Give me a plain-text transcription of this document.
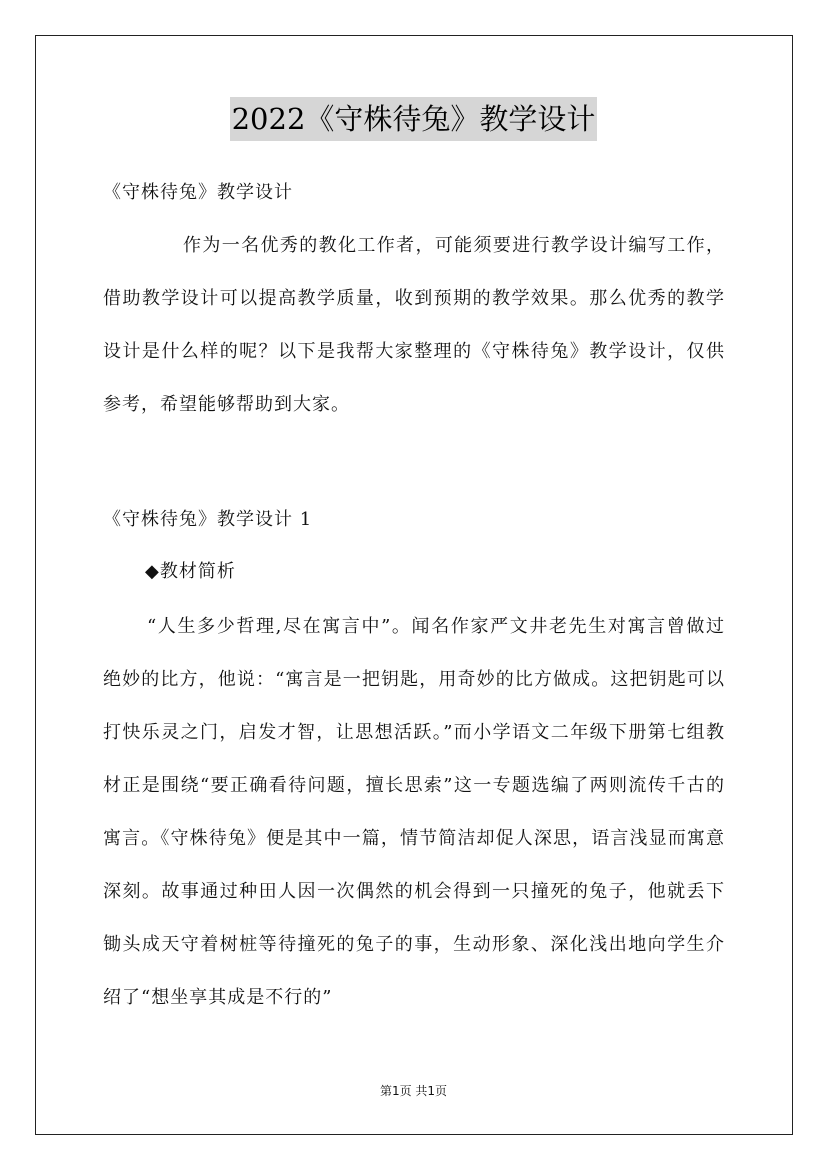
2022《守株待兔》教学设计
《守株待兔》教学设计
作为一名优秀的教化工作者，可能须要进行教学设计编写工作，借助教学设计可以提高教学质量，收到预期的教学效果。那么优秀的教学设计是什么样的呢？以下是我帮大家整理的《守株待兔》教学设计，仅供参考，希望能够帮助到大家。
《守株待兔》教学设计 1
◆教材简析
“人生多少哲理,尽在寓言中”。闻名作家严文井老先生对寓言曾做过绝妙的比方，他说：“寓言是一把钥匙，用奇妙的比方做成。这把钥匙可以打快乐灵之门，启发才智，让思想活跃。”而小学语文二年级下册第七组教材正是围绕“要正确看待问题，擅长思索”这一专题选编了两则流传千古的寓言。《守株待兔》便是其中一篇，情节简洁却促人深思，语言浅显而寓意深刻。故事通过种田人因一次偶然的机会得到一只撞死的兔子，他就丢下锄头成天守着树桩等待撞死的兔子的事，生动形象、深化浅出地向学生介绍了“想坐享其成是不行的”
第1页 共1页
